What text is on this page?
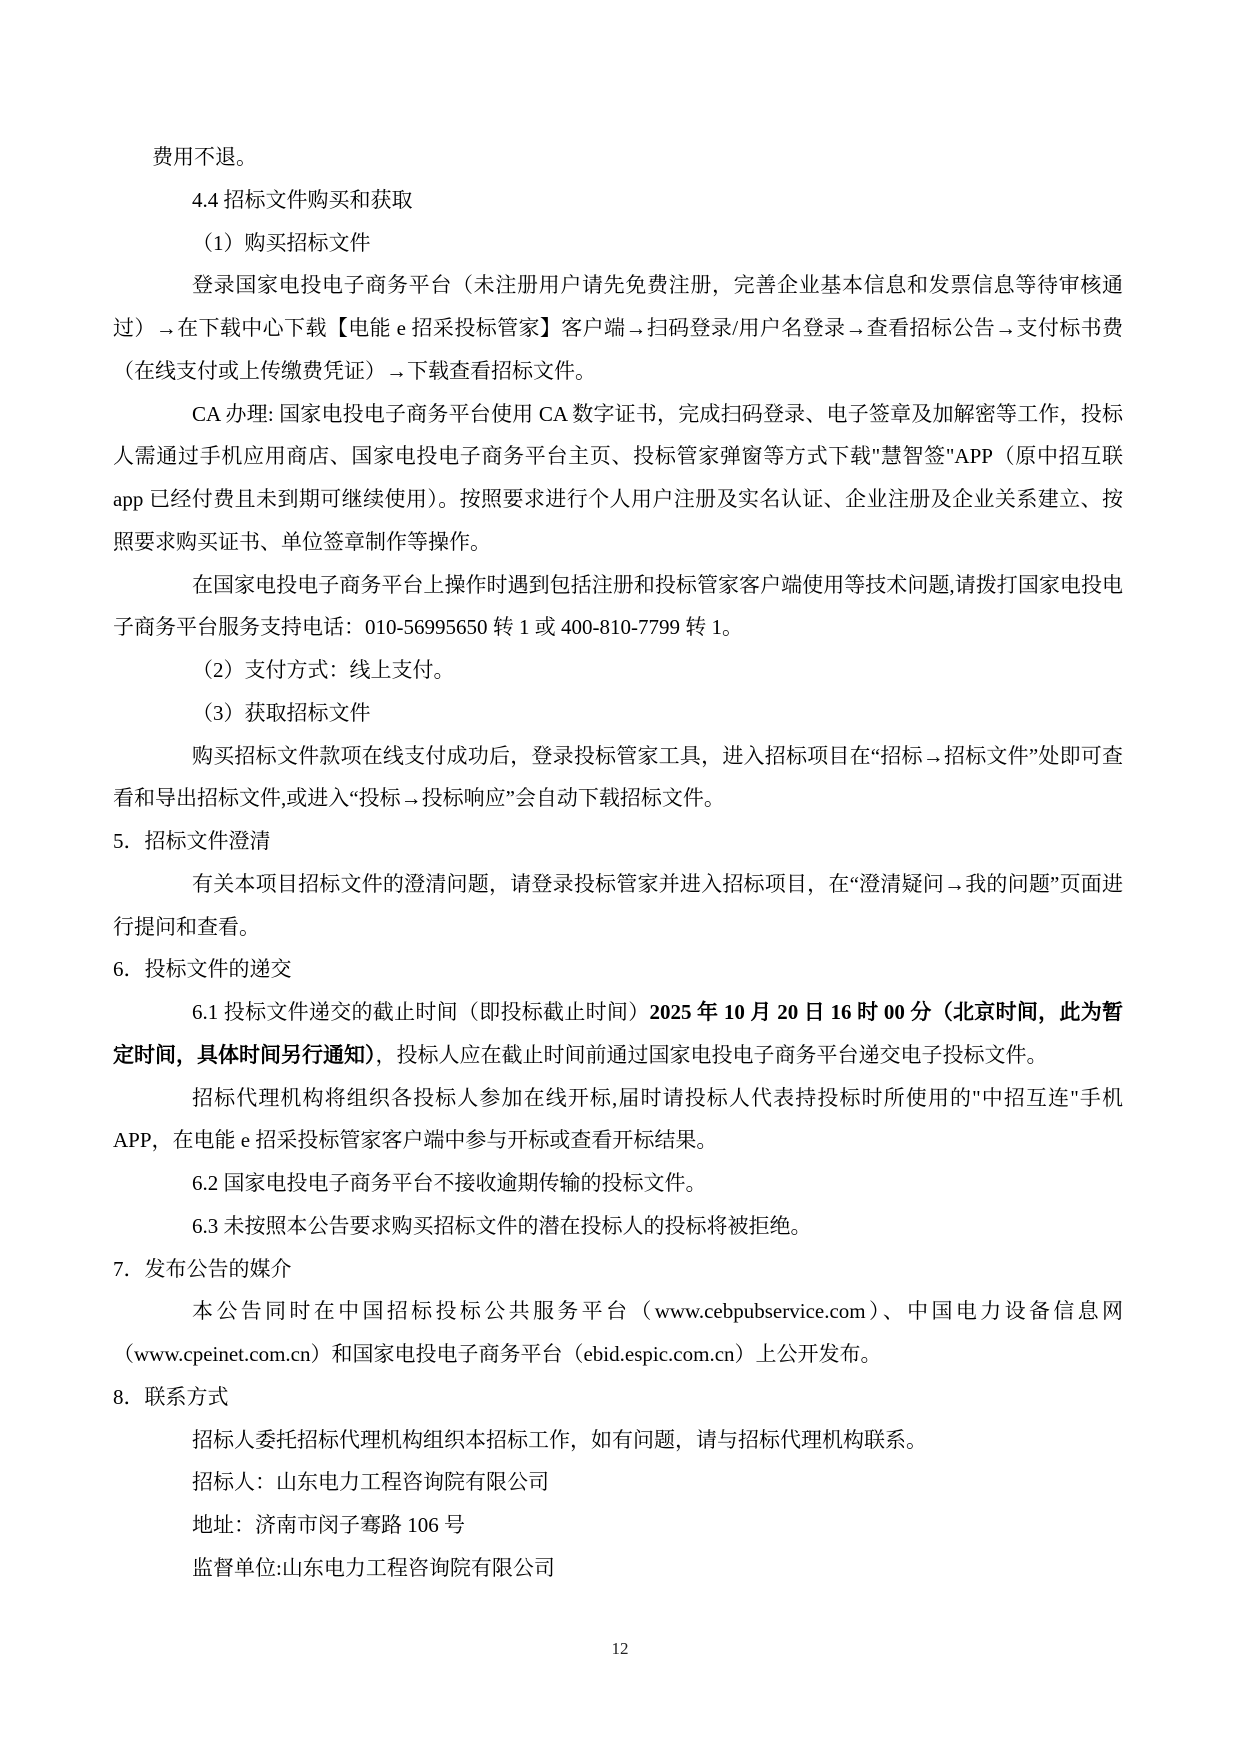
费用不退。

4.4 招标文件购买和获取

（1）购买招标文件

登录国家电投电子商务平台（未注册用户请先免费注册，完善企业基本信息和发票信息等待审核通过）→在下载中心下载【电能 e 招采投标管家】客户端→扫码登录/用户名登录→查看招标公告→支付标书费（在线支付或上传缴费凭证）→下载查看招标文件。

CA 办理: 国家电投电子商务平台使用 CA 数字证书，完成扫码登录、电子签章及加解密等工作，投标人需通过手机应用商店、国家电投电子商务平台主页、投标管家弹窗等方式下载"慧智签"APP（原中招互联 app 已经付费且未到期可继续使用）。按照要求进行个人用户注册及实名认证、企业注册及企业关系建立、按照要求购买证书、单位签章制作等操作。

在国家电投电子商务平台上操作时遇到包括注册和投标管家客户端使用等技术问题,请拨打国家电投电子商务平台服务支持电话：010-56995650 转 1 或 400-810-7799 转 1。

（2）支付方式：线上支付。

（3）获取招标文件

购买招标文件款项在线支付成功后，登录投标管家工具，进入招标项目在“招标→招标文件”处即可查看和导出招标文件,或进入“投标→投标响应”会自动下载招标文件。

5．招标文件澄清

有关本项目招标文件的澄清问题，请登录投标管家并进入招标项目，在“澄清疑问→我的问题”页面进行提问和查看。

6．投标文件的递交

6.1 投标文件递交的截止时间（即投标截止时间）2025 年 10 月 20 日 16 时 00 分（北京时间，此为暂定时间，具体时间另行通知），投标人应在截止时间前通过国家电投电子商务平台递交电子投标文件。

招标代理机构将组织各投标人参加在线开标,届时请投标人代表持投标时所使用的"中招互连"手机 APP，在电能 e 招采投标管家客户端中参与开标或查看开标结果。

6.2 国家电投电子商务平台不接收逾期传输的投标文件。

6.3 未按照本公告要求购买招标文件的潜在投标人的投标将被拒绝。

7．发布公告的媒介

本公告同时在中国招标投标公共服务平台（www.cebpubservice.com）、中国电力设备信息网（www.cpeinet.com.cn）和国家电投电子商务平台（ebid.espic.com.cn）上公开发布。

8．联系方式

招标人委托招标代理机构组织本招标工作，如有问题，请与招标代理机构联系。

招标人：山东电力工程咨询院有限公司

地址：济南市闵子骞路 106 号

监督单位:山东电力工程咨询院有限公司

12
